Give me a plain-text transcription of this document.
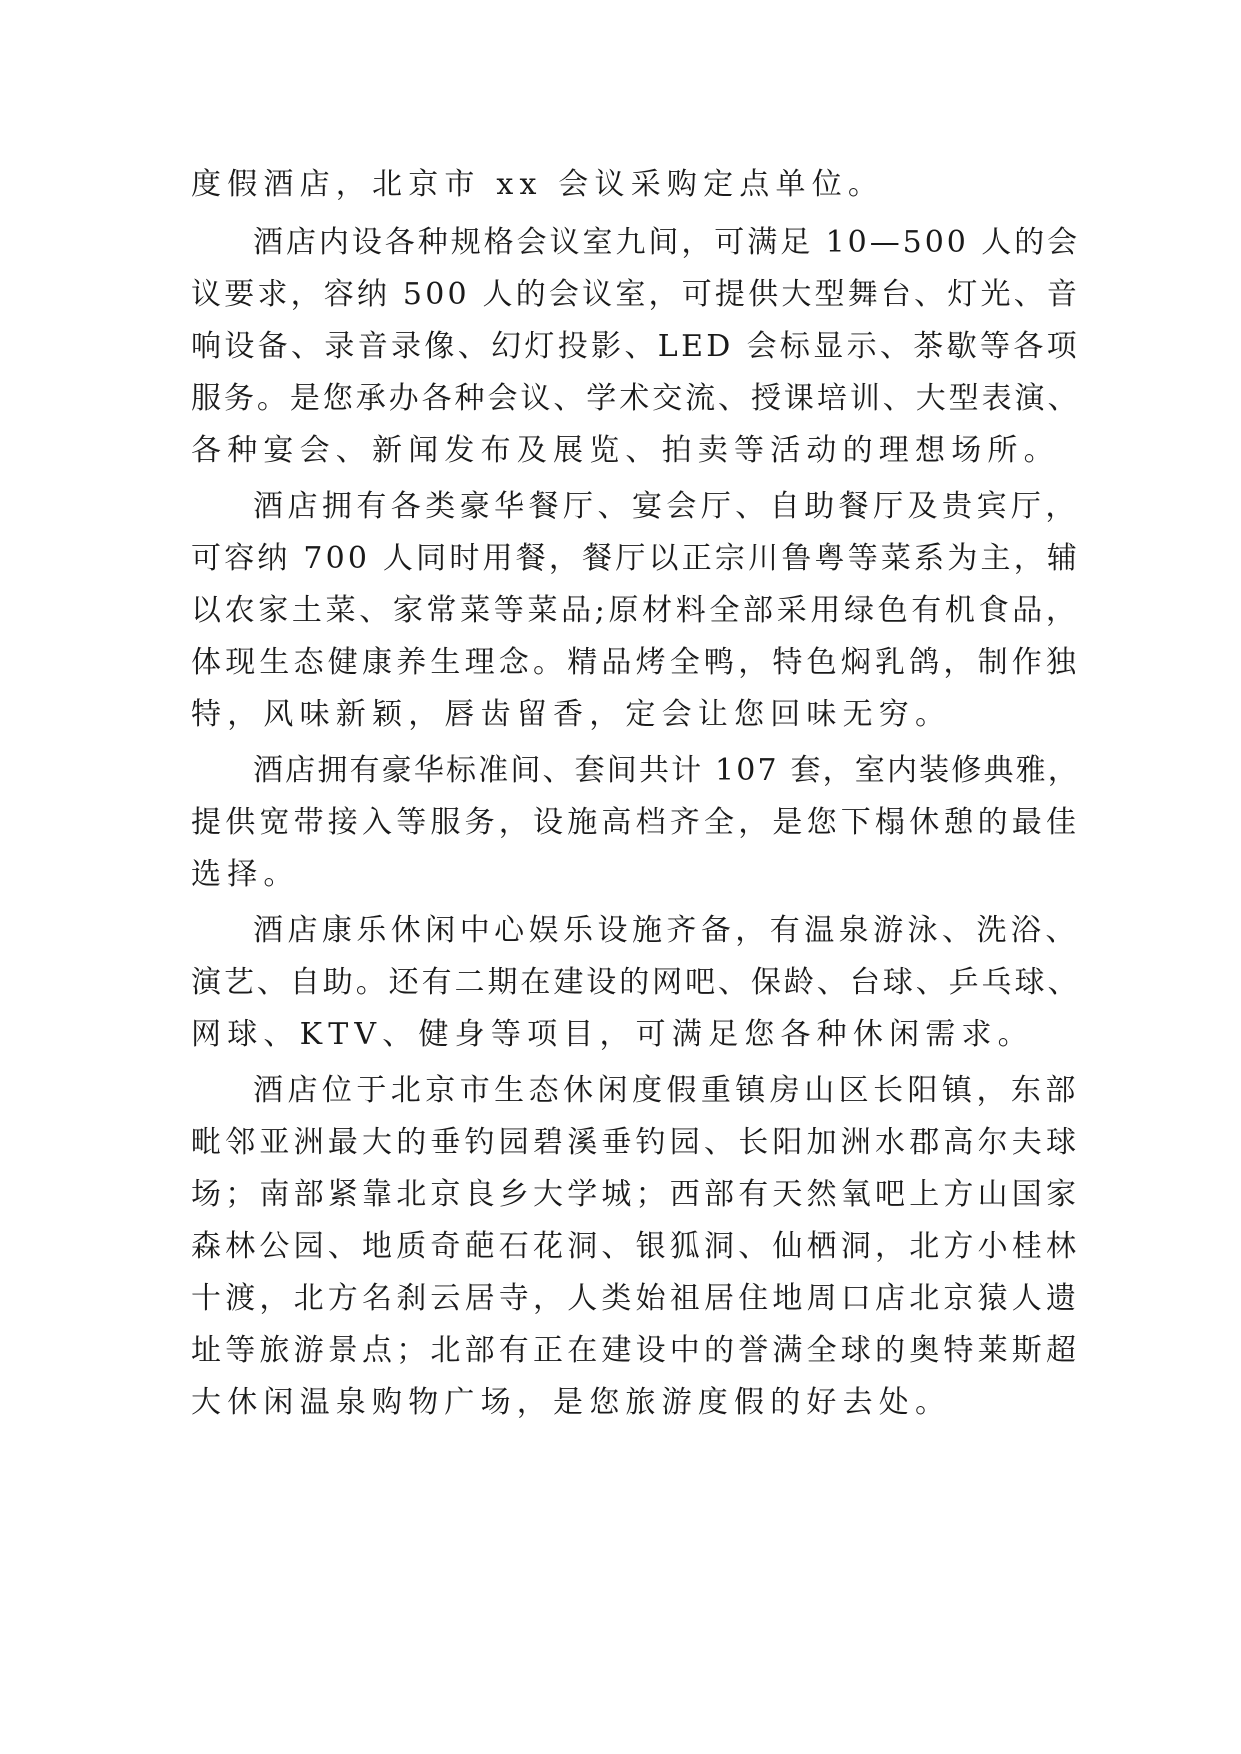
度假酒店，北京市 xx 会议采购定点单位。
酒店内设各种规格会议室九间，可满足 10—500 人的会
议要求，容纳 500 人的会议室，可提供大型舞台、灯光、音
响设备、录音录像、幻灯投影、LED 会标显示、茶歇等各项
服务。是您承办各种会议、学术交流、授课培训、大型表演、
各种宴会、新闻发布及展览、拍卖等活动的理想场所。
酒店拥有各类豪华餐厅、宴会厅、自助餐厅及贵宾厅，
可容纳 700 人同时用餐，餐厅以正宗川鲁粤等菜系为主，辅
以农家土菜、家常菜等菜品;原材料全部采用绿色有机食品，
体现生态健康养生理念。精品烤全鸭，特色焖乳鸽，制作独
特，风味新颖，唇齿留香，定会让您回味无穷。
酒店拥有豪华标准间、套间共计 107 套，室内装修典雅，
提供宽带接入等服务，设施高档齐全，是您下榻休憩的最佳
选择。
酒店康乐休闲中心娱乐设施齐备，有温泉游泳、洗浴、
演艺、自助。还有二期在建设的网吧、保龄、台球、乒乓球、
网球、KTV、健身等项目，可满足您各种休闲需求。
酒店位于北京市生态休闲度假重镇房山区长阳镇，东部
毗邻亚洲最大的垂钓园碧溪垂钓园、长阳加洲水郡高尔夫球
场；南部紧靠北京良乡大学城；西部有天然氧吧上方山国家
森林公园、地质奇葩石花洞、银狐洞、仙栖洞，北方小桂林
十渡，北方名刹云居寺，人类始祖居住地周口店北京猿人遗
址等旅游景点；北部有正在建设中的誉满全球的奥特莱斯超
大休闲温泉购物广场，是您旅游度假的好去处。
